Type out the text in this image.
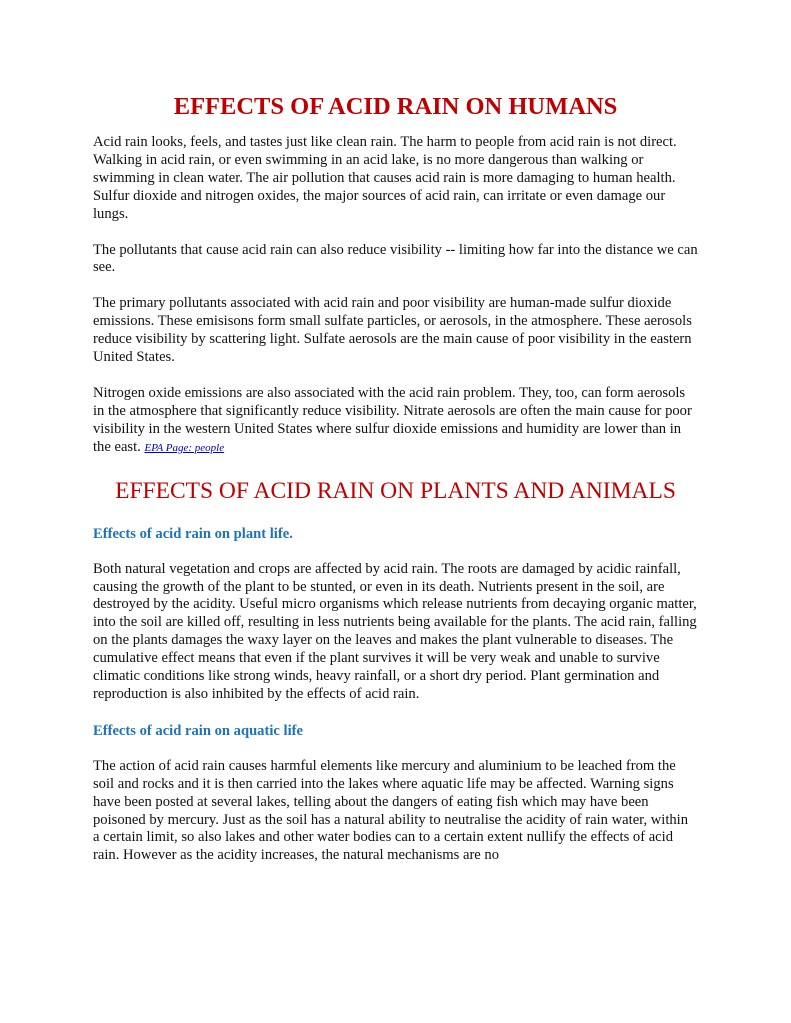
EFFECTS OF ACID RAIN ON HUMANS

Acid rain looks, feels, and tastes just like clean rain. The harm to people from acid rain is not direct. Walking in acid rain, or even swimming in an acid lake, is no more dangerous than walking or swimming in clean water. The air pollution that causes acid rain is more damaging to human health. Sulfur dioxide and nitrogen oxides, the major sources of acid rain, can irritate or even damage our lungs.

The pollutants that cause acid rain can also reduce visibility -- limiting how far into the distance we can see.

The primary pollutants associated with acid rain and poor visibility are human-made sulfur dioxide emissions. These emisisons form small sulfate particles, or aerosols, in the atmosphere. These aerosols reduce visibility by scattering light. Sulfate aerosols are the main cause of poor visibility in the eastern United States.

Nitrogen oxide emissions are also associated with the acid rain problem. They, too, can form aerosols in the atmosphere that significantly reduce visibility. Nitrate aerosols are often the main cause for poor visibility in the western United States where sulfur dioxide emissions and humidity are lower than in the east. EPA Page: people

EFFECTS OF ACID RAIN ON PLANTS AND ANIMALS
Effects of acid rain on plant life.

Both natural vegetation and crops are affected by acid rain. The roots are damaged by acidic rainfall, causing the growth of the plant to be stunted, or even in its death. Nutrients present in the soil, are destroyed by the acidity. Useful micro organisms which release nutrients from decaying organic matter, into the soil are killed off, resulting in less nutrients being available for the plants. The acid rain, falling on the plants damages the waxy layer on the leaves and makes the plant vulnerable to diseases. The cumulative effect means that even if the plant survives it will be very weak and unable to survive climatic conditions like strong winds, heavy rainfall, or a short dry period. Plant germination and reproduction is also inhibited by the effects of acid rain.

Effects of acid rain on aquatic life

The action of acid rain causes harmful elements like mercury and aluminium to be leached from the soil and rocks and it is then carried into the lakes where aquatic life may be affected. Warning signs have been posted at several lakes, telling about the dangers of eating fish which may have been poisoned by mercury. Just as the soil has a natural ability to neutralise the acidity of rain water, within a certain limit, so also lakes and other water bodies can to a certain extent nullify the effects of acid rain. However as the acidity increases, the natural mechanisms are no
